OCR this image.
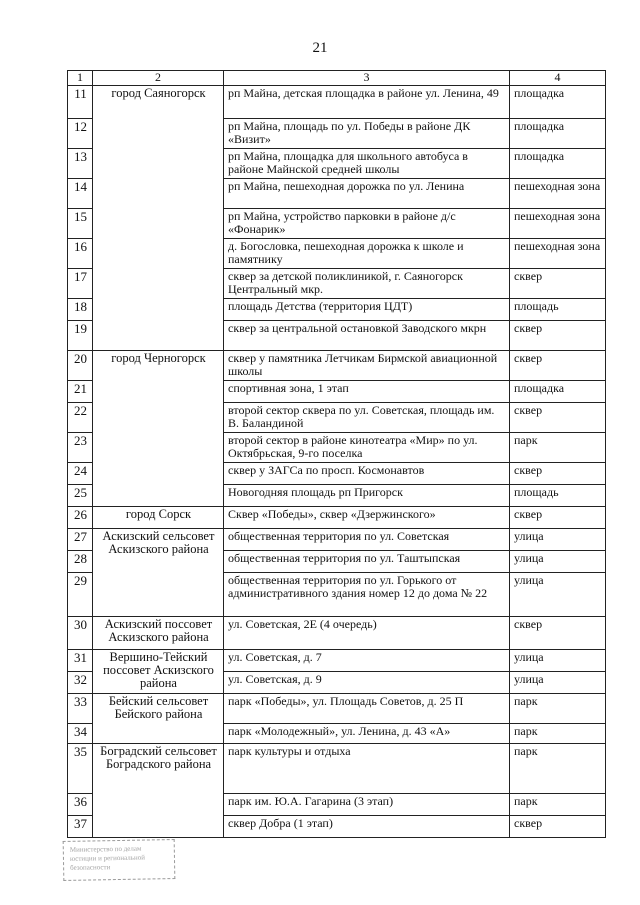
21
1	2	3	4
11	город Саяногорск	рп Майна, детская площадка в районе ул. Ленина, 49	площадка
12		рп Майна, площадь по ул. Победы в районе ДК «Визит»	площадка
13		рп Майна, площадка для школьного автобуса в районе Майнской средней школы	площадка
14		рп Майна, пешеходная дорожка по ул. Ленина	пешеходная зона
15		рп Майна, устройство парковки в районе д/с «Фонарик»	пешеходная зона
16		д. Богословка, пешеходная дорожка к школе и памятнику	пешеходная зона
17		сквер за детской поликлиникой, г. Саяногорск Центральный мкр.	сквер
18		площадь Детства (территория ЦДТ)	площадь
19		сквер за центральной остановкой Заводского мкрн	сквер
20	город Черногорск	сквер у памятника Летчикам Бирмской авиационной школы	сквер
21		спортивная зона, 1 этап	площадка
22		второй сектор сквера по ул. Советская, площадь им. В. Баландиной	сквер
23		второй сектор в районе кинотеатра «Мир» по ул. Октябрьская, 9-го поселка	парк
24		сквер у ЗАГСа по просп. Космонавтов	сквер
25		Новогодняя площадь рп Пригорск	площадь
26	город Сорск	Сквер «Победы», сквер «Дзержинского»	сквер
27	Аскизский сельсовет Аскизского района	общественная территория по ул. Советская	улица
28		общественная территория по ул. Таштыпская	улица
29		общественная территория по ул. Горького от административного здания номер 12 до дома № 22	улица
30	Аскизский поссовет Аскизского района	ул. Советская, 2Е (4 очередь)	сквер
31	Вершино-Тейский поссовет Аскизского района	ул. Советская, д. 7	улица
32		ул. Советская, д. 9	улица
33	Бейский сельсовет Бейского района	парк «Победы», ул. Площадь Советов, д. 25 П	парк
34		парк «Молодежный», ул. Ленина, д. 43 «А»	парк
35	Боградский сельсовет Боградского района	парк культуры и отдыха	парк
36		парк им. Ю.А. Гагарина (3 этап)	парк
37		сквер Добра (1 этап)	сквер
Министерство по делам
юстиции и региональной
безопасности
